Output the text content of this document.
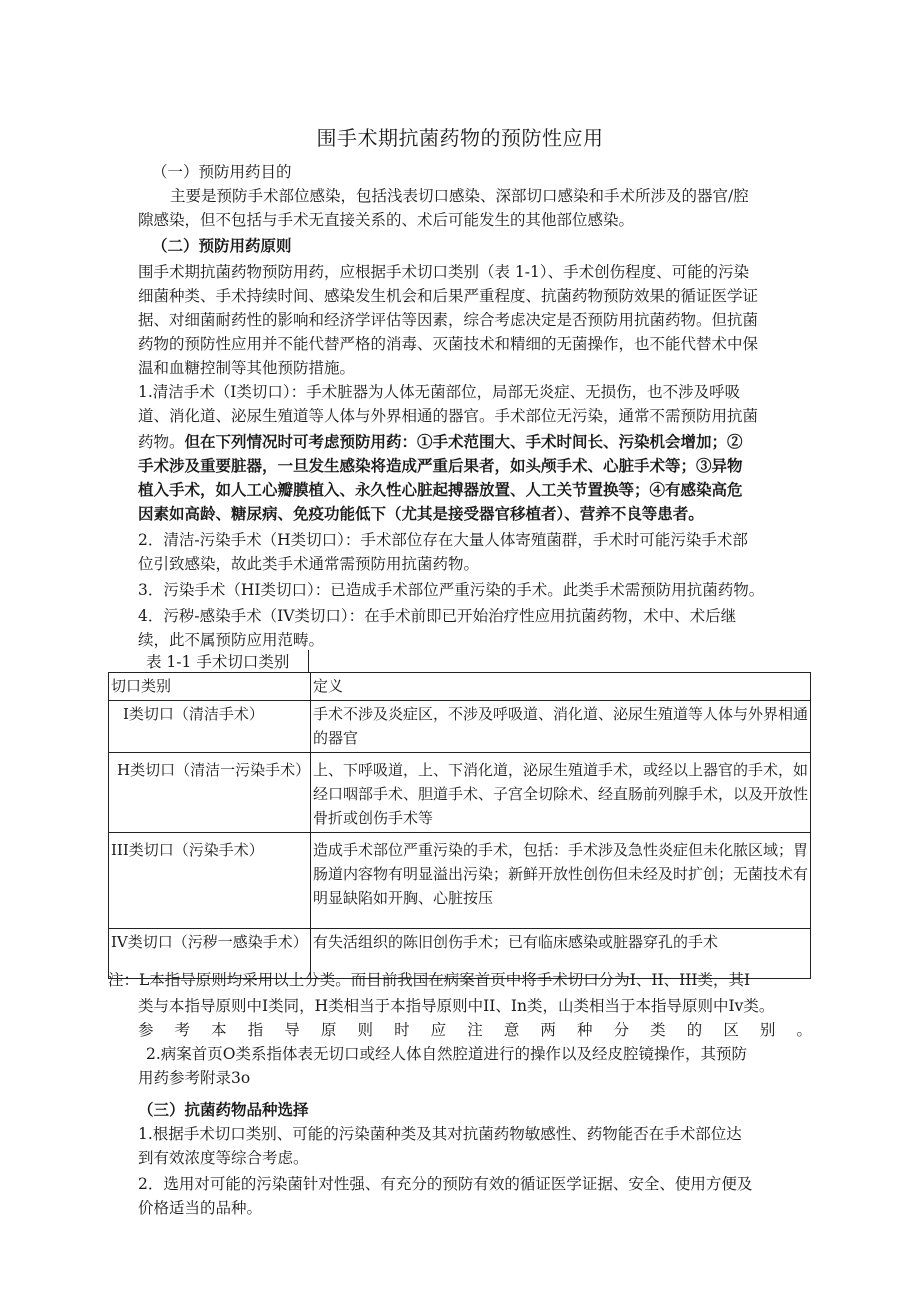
围手术期抗菌药物的预防性应用
（一）预防用药目的
主要是预防手术部位感染，包括浅表切口感染、深部切口感染和手术所涉及的器官/腔
隙感染，但不包括与手术无直接关系的、术后可能发生的其他部位感染。
（二）预防用药原则
围手术期抗菌药物预防用药，应根据手术切口类别（表 1-1）、手术创伤程度、可能的污染
细菌种类、手术持续时间、感染发生机会和后果严重程度、抗菌药物预防效果的循证医学证
据、对细菌耐药性的影响和经济学评估等因素，综合考虑决定是否预防用抗菌药物。但抗菌
药物的预防性应用并不能代替严格的消毒、灭菌技术和精细的无菌操作，也不能代替术中保
温和血糖控制等其他预防措施。
1.清洁手术（I类切口）：手术脏器为人体无菌部位，局部无炎症、无损伤，也不涉及呼吸
道、消化道、泌尿生殖道等人体与外界相通的器官。手术部位无污染，通常不需预防用抗菌
药物。但在下列情况时可考虑预防用药：①手术范围大、手术时间长、污染机会增加；②
手术涉及重要脏器，一旦发生感染将造成严重后果者，如头颅手术、心脏手术等；③异物
植入手术，如人工心瓣膜植入、永久性心脏起搏器放置、人工关节置换等；④有感染高危
因素如高龄、糖尿病、免疫功能低下（尤其是接受器官移植者）、营养不良等患者。
2．清洁-污染手术（H类切口）：手术部位存在大量人体寄殖菌群，手术时可能污染手术部
位引致感染，故此类手术通常需预防用抗菌药物。
3．污染手术（HI类切口）：已造成手术部位严重污染的手术。此类手术需预防用抗菌药物。
4．污秽-感染手术（IV类切口）：在手术前即已开始治疗性应用抗菌药物，术中、术后继
续，此不属预防应用范畴。
表 1-1 手术切口类别
切口类别	定义
I类切口（清洁手术）	手术不涉及炎症区，不涉及呼吸道、消化道、泌尿生殖道等人体与外界相通的器官
H类切口（清洁一污染手术）	上、下呼吸道，上、下消化道，泌尿生殖道手术，或经以上器官的手术，如经口咽部手术、胆道手术、子宫全切除术、经直肠前列腺手术，以及开放性骨折或创伤手术等
III类切口（污染手术）	造成手术部位严重污染的手术，包括：手术涉及急性炎症但未化脓区域；胃肠道内容物有明显溢出污染；新鲜开放性创伤但未经及时扩创；无菌技术有明显缺陷如开胸、心脏按压
IV类切口（污秽一感染手术）	有失活组织的陈旧创伤手术；已有临床感染或脏器穿孔的手术
注：L本指导原则均采用以上分类。而目前我国在病案首页中将手术切口分为I、II、III类，其I
类与本指导原则中I类同，H类相当于本指导原则中II、In类，山类相当于本指导原则中Iv类。
参考本指导原则时应注意两种分类的区别。
2.病案首页O类系指体表无切口或经人体自然腔道进行的操作以及经皮腔镜操作，其预防
用药参考附录3o
（三）抗菌药物品种选择
1.根据手术切口类别、可能的污染菌种类及其对抗菌药物敏感性、药物能否在手术部位达
到有效浓度等综合考虑。
2．选用对可能的污染菌针对性强、有充分的预防有效的循证医学证据、安全、使用方便及
价格适当的品种。
